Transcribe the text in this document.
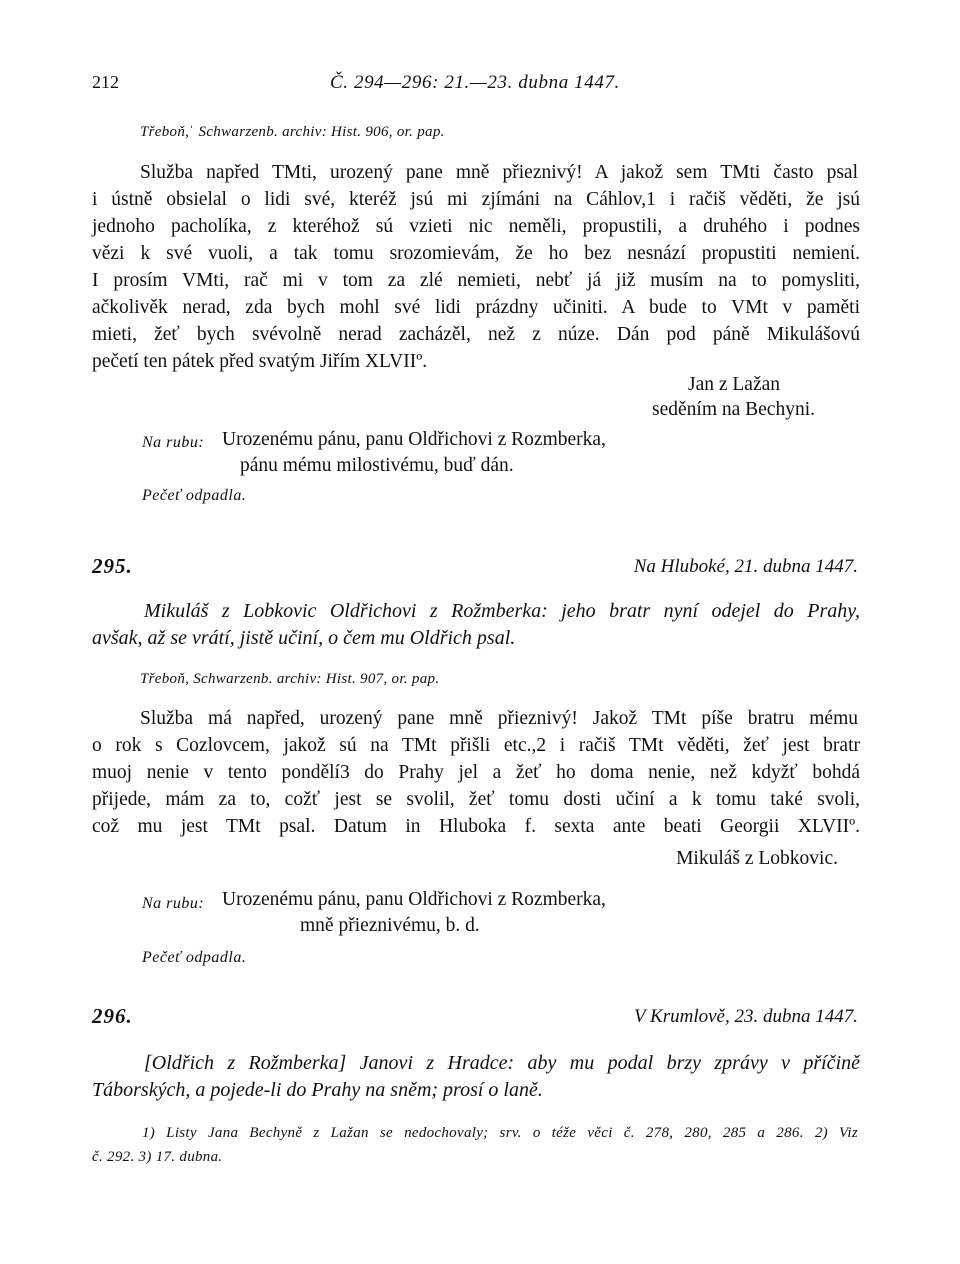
212	Č. 294—296: 21.—23. dubna 1447.
Třeboň,ˈ Schwarzenb. archiv: Hist. 906, or. pap.
Služba napřed TMti, urozený pane mně přieznivý! A jakož sem TMti často psal
i ústně obsielal o lidi své, kteréž jsú mi zjímáni na Cáhlov,1 i račiš věděti, že jsú
jednoho pacholíka, z kteréhož sú vzieti nic neměli, propustili, a druhého i podnes
vězi k své vuoli, a tak tomu srozomievám, že ho bez nesnází propustiti nemienί.
I prosím VMti, rač mi v tom za zlé nemieti, nebť já již musím na to pomysliti,
ačkolivěk nerad, zda bych mohl své lidi prázdny učiniti. A bude to VMt v paměti
mieti, žeť bych svévolně nerad zacházěl, než z núze. Dán pod páně Mikulášovú
pečetí ten pátek před svatým Jiřím XLVIIº.
Jan z Lažan
seděním na Bechyni.
Na rubu: Urozenému pánu, panu Oldřichovi z Rozmberka,
pánu mému milostivému, buď dán.
Pečeť odpadla.
295.	Na Hluboké, 21. dubna 1447.
Mikuláš z Lobkovic Oldřichovi z Rožmberka: jeho bratr nyní odejel do Prahy,
avšak, až se vrátí, jistě učiní, o čem mu Oldřich psal.
Třeboň, Schwarzenb. archiv: Hist. 907, or. pap.
Služba má napřed, urozený pane mně přieznivý! Jakož TMt píše bratru mému
o rok s Cozlovcem, jakož sú na TMt přišli etc.,2 i račiš TMt věděti, žeť jest bratr
muoj nenie v tento pondělí3 do Prahy jel a žeť ho doma nenie, než kdyžť bohdá
přijede, mám za to, cožť jest se svolil, žeť tomu dosti učiní a k tomu také svoli,
což mu jest TMt psal. Datum in Hluboka f. sexta ante beati Georgii XLVIIº.
Mikuláš z Lobkovic.
Na rubu: Urozenému pánu, panu Oldřichovi z Rozmberka,
mně přieznivému, b. d.
Pečeť odpadla.
296.	V Krumlově, 23. dubna 1447.
[Oldřich z Rožmberka] Janovi z Hradce: aby mu podal brzy zprávy v příčině
Táborských, a pojede-li do Prahy na sněm; prosí o laně.
1) Listy Jana Bechyně z Lažan se nedochovaly; srv. o téže věci č. 278, 280, 285 a 286. 2) Viz
č. 292. 3) 17. dubna.
